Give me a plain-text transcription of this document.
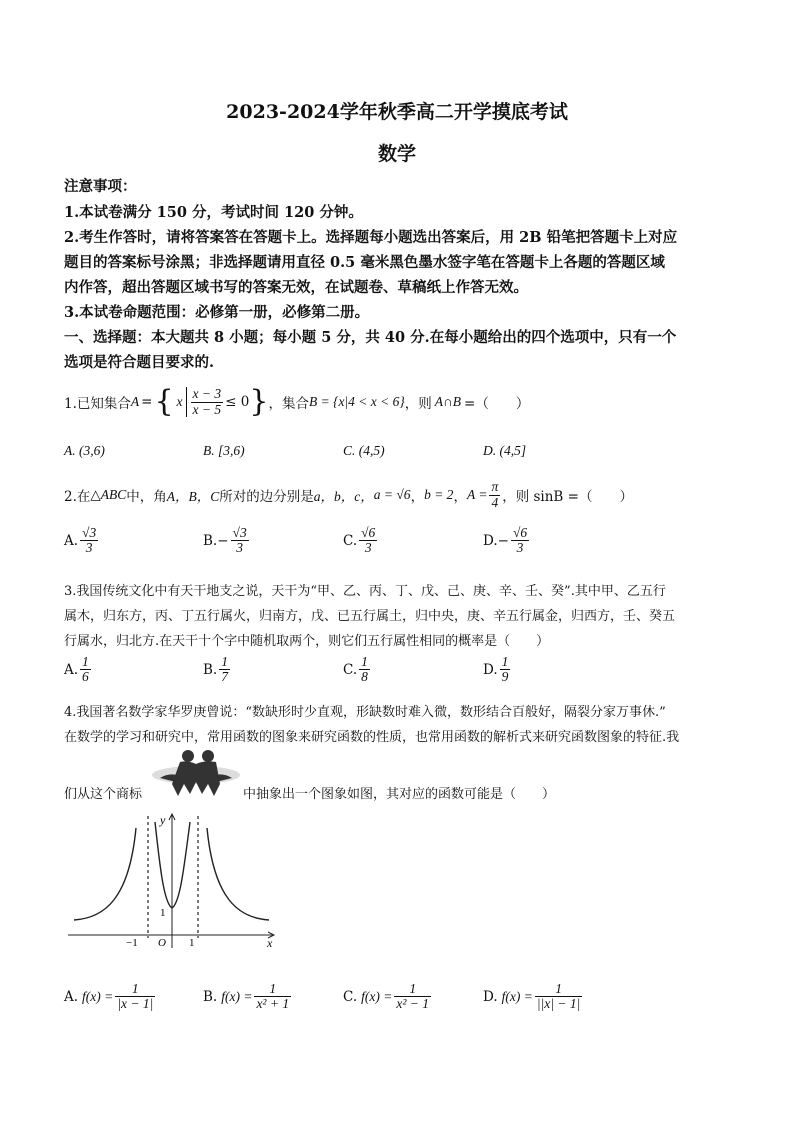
2023-2024学年秋季高二开学摸底考试
数学
注意事项：
1.本试卷满分 150 分，考试时间 120 分钟。
2.考生作答时，请将答案答在答题卡上。选择题每小题选出答案后，用 2B 铅笔把答题卡上对应
题目的答案标号涂黑；非选择题请用直径 0.5 毫米黑色墨水签字笔在答题卡上各题的答题区域
内作答，超出答题区域书写的答案无效，在试题卷、草稿纸上作答无效。
3.本试卷命题范围：必修第一册，必修第二册。
一、选择题：本大题共 8 小题；每小题 5 分，共 40 分.在每小题给出的四个选项中，只有一个
选项是符合题目要求的.
1.已知集合 A = { x $\frac{x - 3}{x - 5} \le 0$ } ，集合 B = {x|4 < x < 6} ，则 A∩B =（　　）
A. (3,6)	B. [3,6)	C. (4,5)	D. (4,5]
2.在 △ABC 中，角 A，B，C 所对的边分别是 a，b，c， a = √6 ， b = 2 ， $A = \frac{\pi}{4}$ ，则 sinB =（　　）
A. $\frac{√3}{3}$	B. − $\frac{√3}{3}$	C. $\frac{√6}{3}$	D. − $\frac{√6}{3}$
3.我国传统文化中有天干地支之说，天干为“甲、乙、丙、丁、戊、己、庚、辛、壬、癸”.其中甲、乙五行
属木，归东方，丙、丁五行属火，归南方，戊、已五行属土，归中央，庚、辛五行属金，归西方，壬、癸五
行属水，归北方.在天干十个字中随机取两个，则它们五行属性相同的概率是（　　）
A. $\frac{1}{6}$	B. $\frac{1}{7}$	C. $\frac{1}{8}$	D. $\frac{1}{9}$
4.我国著名数学家华罗庚曾说：“数缺形时少直观，形缺数时难入微，数形结合百般好，隔裂分家万事休.”
在数学的学习和研究中，常用函数的图象来研究函数的性质，也常用函数的解析式来研究函数图象的特征.我
们从这个商标	中抽象出一个图象如图，其对应的函数可能是（　　）
y
x
O
−1	1
1
A. $f(x) = \frac{1}{|x - 1|}$	B. $f(x) = \frac{1}{\text{x² + 1}}$	C. $f(x) = \frac{1}{\text{x² − 1}}$	D. $f(x) = \frac{1}{||x| - 1|}$
